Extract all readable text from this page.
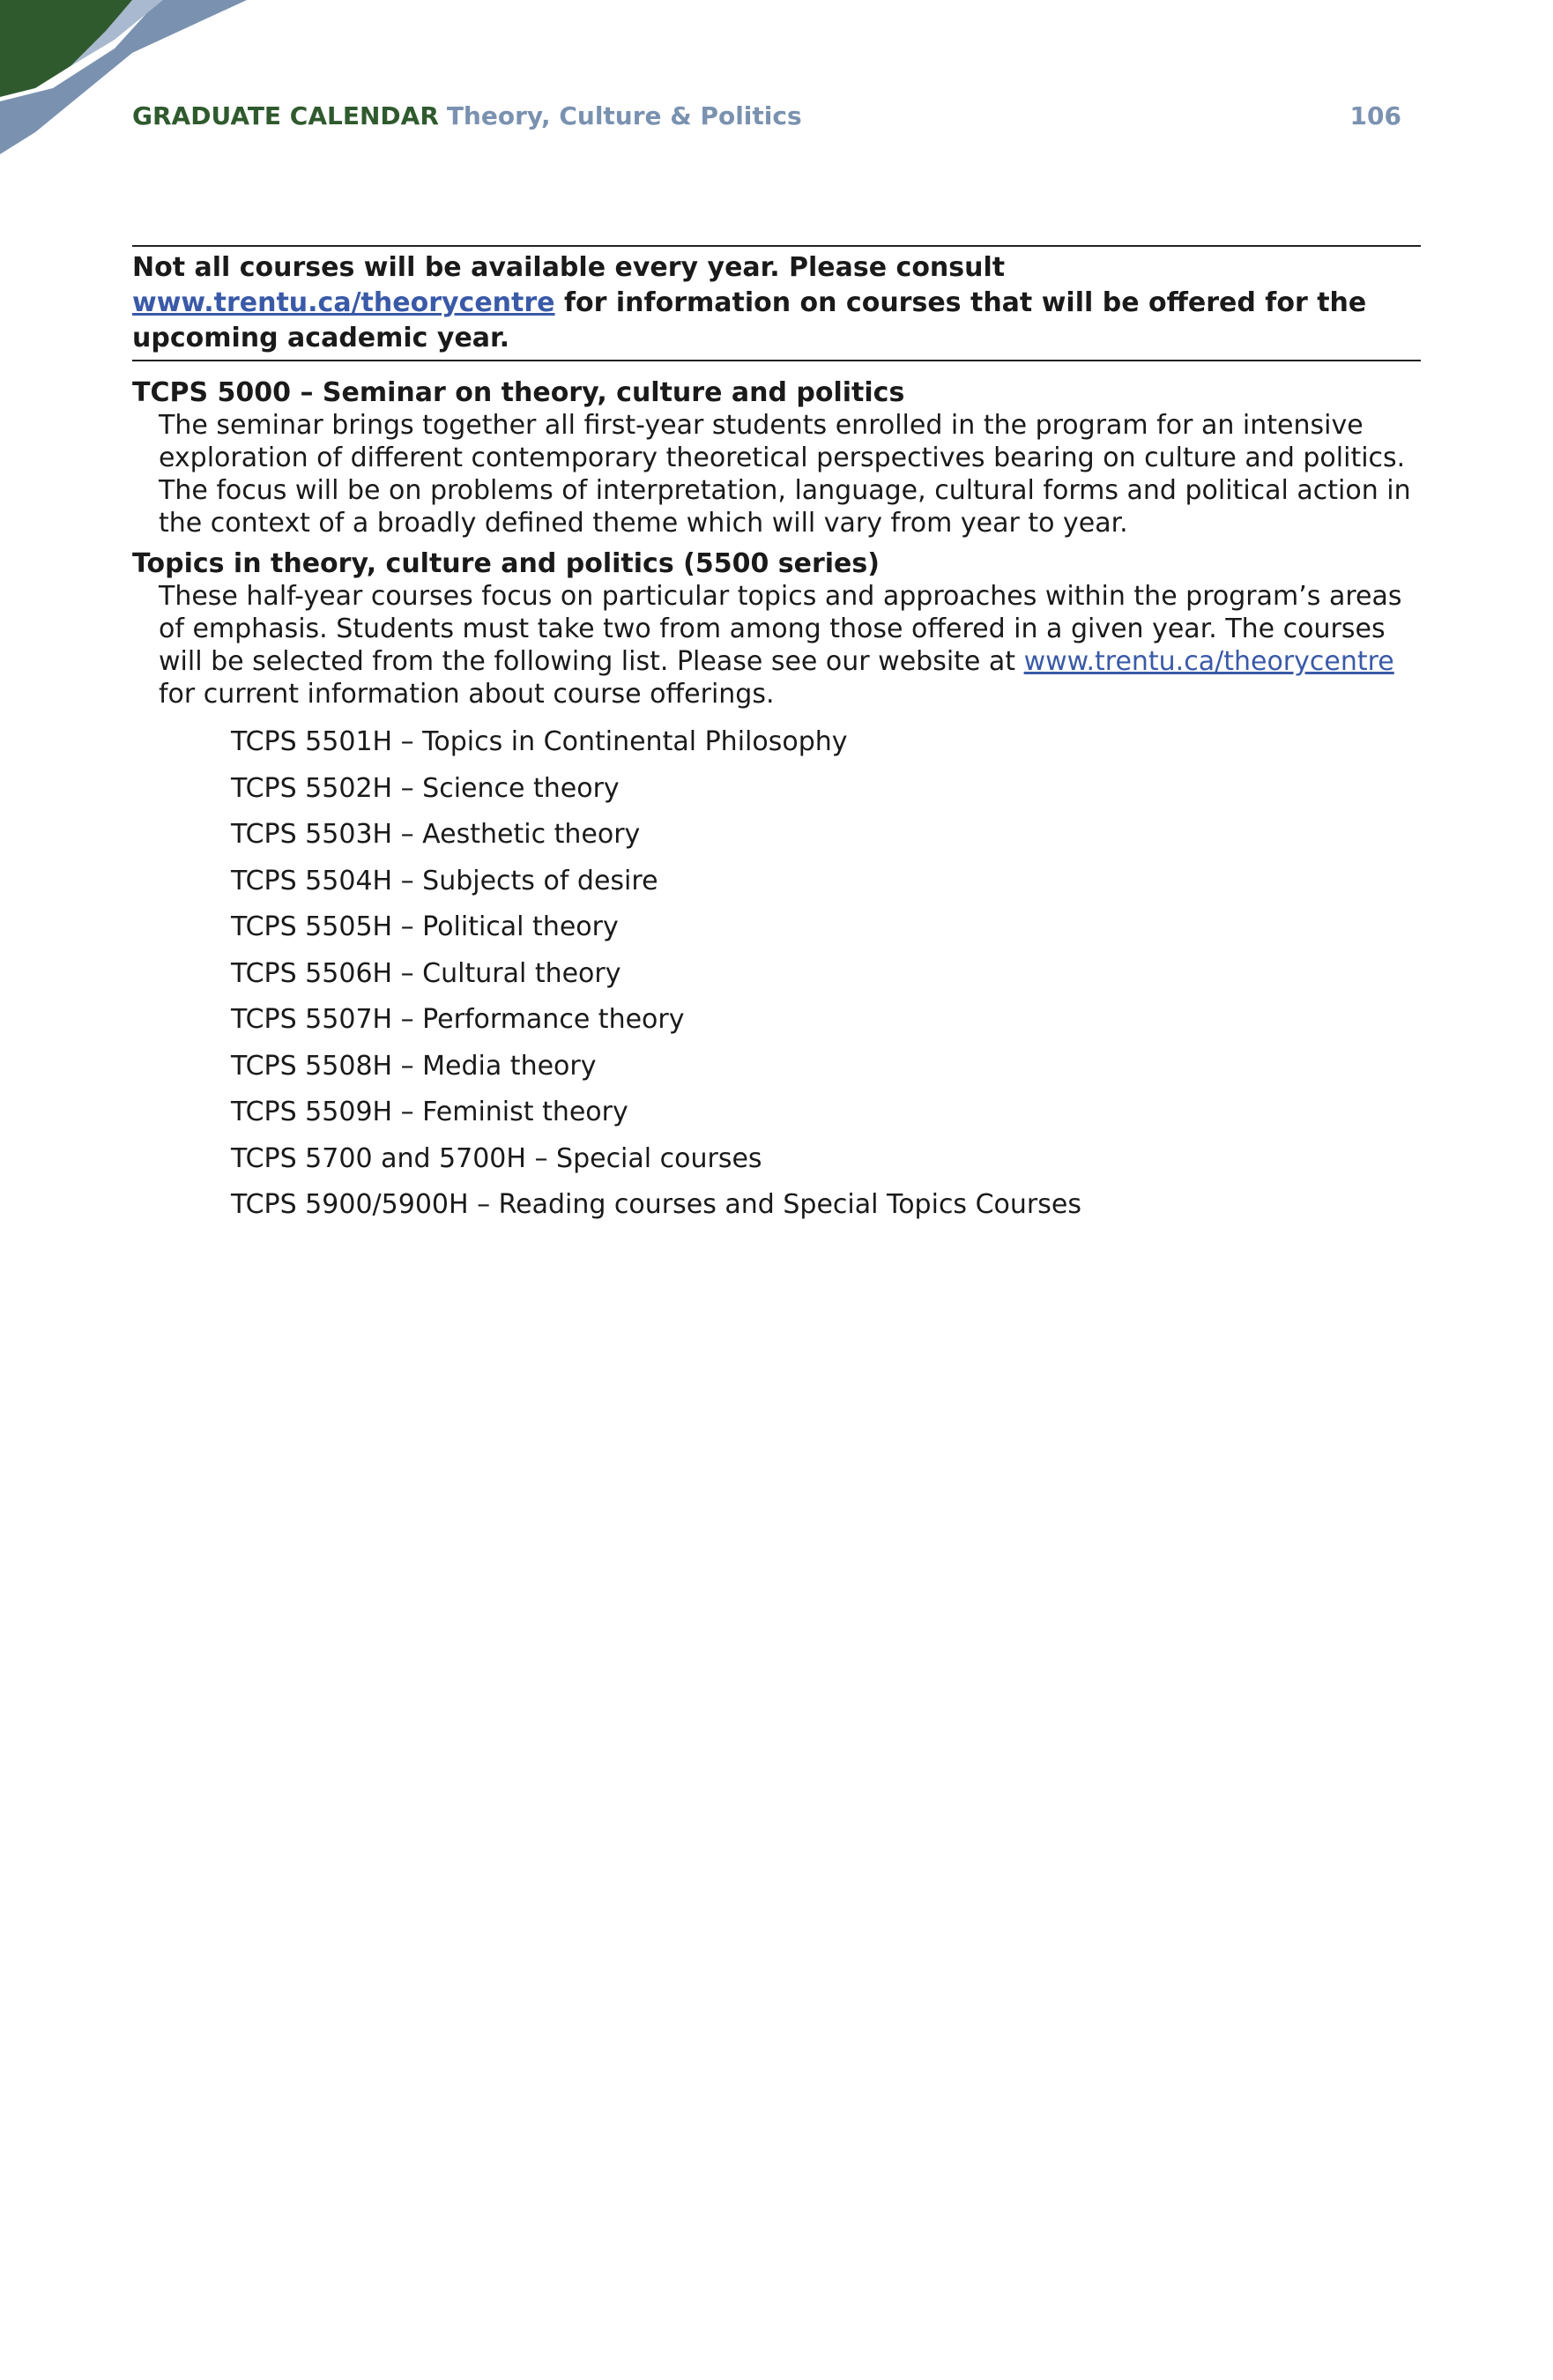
GRADUATE CALENDAR Theory, Culture & Politics	106
Not all courses will be available every year. Please consult www.trentu.ca/theorycentre for information on courses that will be offered for the upcoming academic year.

TCPS 5000 – Seminar on theory, culture and politics

The seminar brings together all first-year students enrolled in the program for an intensive exploration of different contemporary theoretical perspectives bearing on culture and politics. The focus will be on problems of interpretation, language, cultural forms and political action in the context of a broadly defined theme which will vary from year to year.

Topics in theory, culture and politics (5500 series)

These half-year courses focus on particular topics and approaches within the program’s areas of emphasis. Students must take two from among those offered in a given year. The courses will be selected from the following list. Please see our website at www.trentu.ca/theorycentre for current information about course offerings.

TCPS 5501H – Topics in Continental Philosophy
TCPS 5502H – Science theory
TCPS 5503H – Aesthetic theory
TCPS 5504H – Subjects of desire
TCPS 5505H – Political theory
TCPS 5506H – Cultural theory
TCPS 5507H – Performance theory
TCPS 5508H – Media theory
TCPS 5509H – Feminist theory
TCPS 5700 and 5700H – Special courses
TCPS 5900/5900H – Reading courses and Special Topics Courses
